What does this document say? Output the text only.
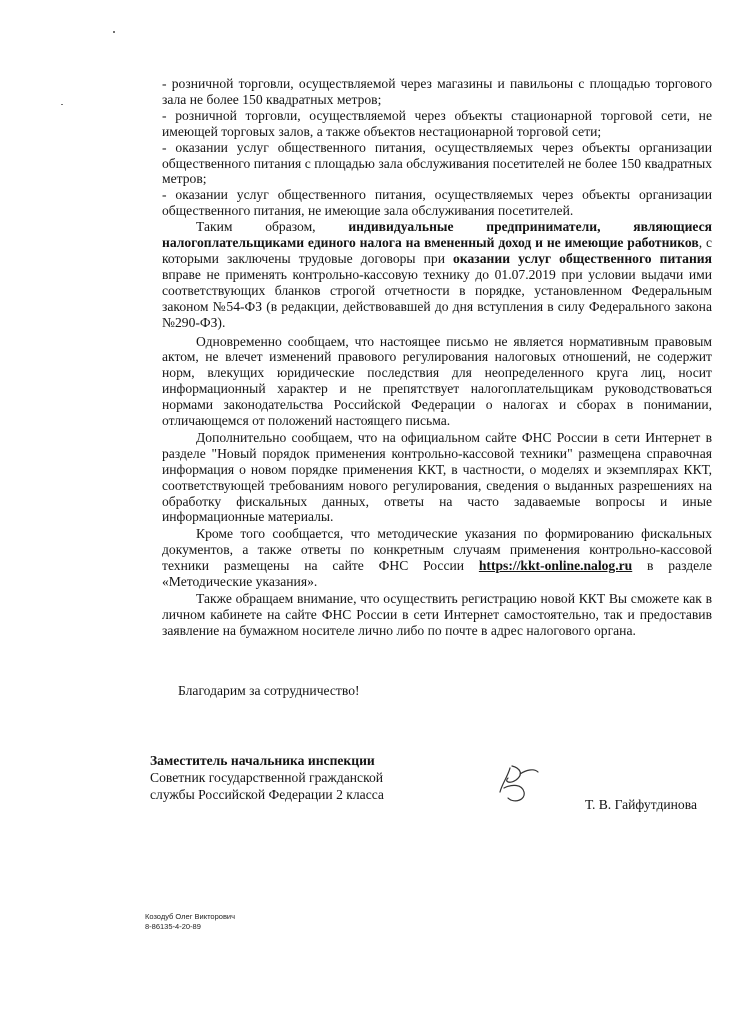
- розничной торговли, осуществляемой через магазины и павильоны с площадью торгового зала не более 150 квадратных метров;

- розничной торговли, осуществляемой через объекты стационарной торговой сети, не имеющей торговых залов, а также объектов нестационарной торговой сети;

- оказании услуг общественного питания, осуществляемых через объекты организации общественного питания с площадью зала обслуживания посетителей не более 150 квадратных метров;

- оказании услуг общественного питания, осуществляемых через объекты организации общественного питания, не имеющие зала обслуживания посетителей.

Таким образом, индивидуальные предприниматели, являющиеся налогоплательщиками единого налога на вмененный доход и не имеющие работников, с которыми заключены трудовые договоры при оказании услуг общественного питания вправе не применять контрольно-кассовую технику до 01.07.2019 при условии выдачи ими соответствующих бланков строгой отчетности в порядке, установленном Федеральным законом №54-ФЗ (в редакции, действовавшей до дня вступления в силу Федерального закона №290-ФЗ).

Одновременно сообщаем, что настоящее письмо не является нормативным правовым актом, не влечет изменений правового регулирования налоговых отношений, не содержит норм, влекущих юридические последствия для неопределенного круга лиц, носит информационный характер и не препятствует налогоплательщикам руководствоваться нормами законодательства Российской Федерации о налогах и сборах в понимании, отличающемся от положений настоящего письма.

Дополнительно сообщаем, что на официальном сайте ФНС России в сети Интернет в разделе "Новый порядок применения контрольно-кассовой техники" размещена справочная информация о новом порядке применения ККТ, в частности, о моделях и экземплярах ККТ, соответствующей требованиям нового регулирования, сведения о выданных разрешениях на обработку фискальных данных, ответы на часто задаваемые вопросы и иные информационные материалы.

Кроме того сообщается, что методические указания по формированию фискальных документов, а также ответы по конкретным случаям применения контрольно-кассовой техники размещены на сайте ФНС России https://kkt-online.nalog.ru в разделе «Методические указания».

Также обращаем внимание, что осуществить регистрацию новой ККТ Вы сможете как в личном кабинете на сайте ФНС России в сети Интернет самостоятельно, так и предоставив заявление на бумажном носителе лично либо по почте в адрес налогового органа.

Благодарим за сотрудничество!
Заместитель начальника инспекции
Советник государственной гражданской
службы Российской Федерации 2 класса
Т. В. Гайфутдинова
Козодуб Олег Викторович
8-86135-4-20-89
